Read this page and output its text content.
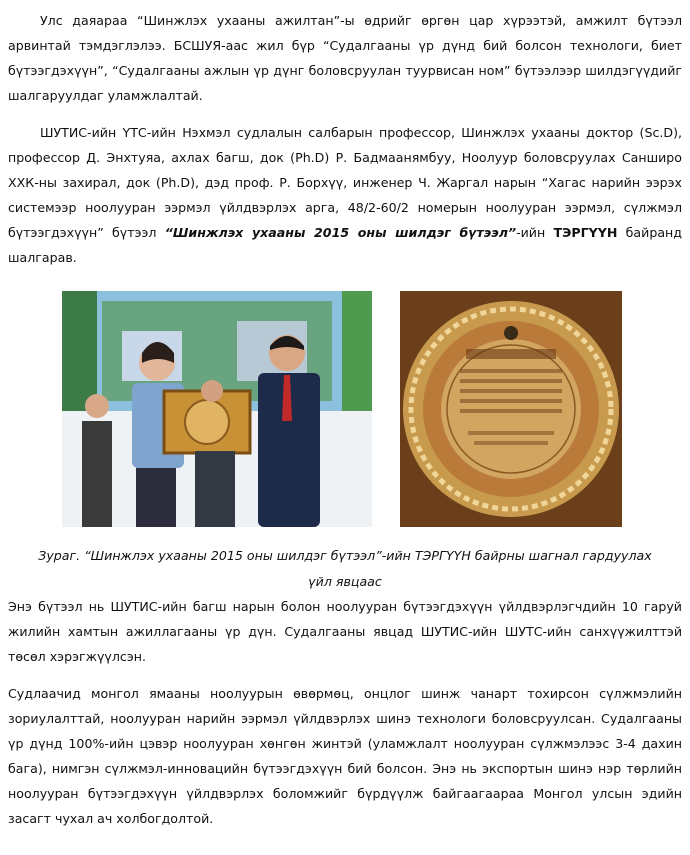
Улс даяараа “Шинжлэх ухааны ажилтан”-ы өдрийг өргөн цар хүрээтэй, амжилт бүтээл арвинтай тэмдэглэлээ. БСШУЯ-аас жил бүр “Судалгааны үр дүнд бий болсон технологи, биет бүтээгдэхүүн”, “Судалгааны ажлын үр дүнг боловсруулан туурвисан ном” бүтээлээр шилдэгүүдийг шалгаруулдаг уламжлалтай.

ШУТИС-ийн ҮТС-ийн Нэхмэл судлалын салбарын профессор, Шинжлэх ухааны доктор (Sc.D), профессор Д. Энхтуяа, ахлах багш, док (Ph.D) Р. Бадмаанямбуу, Ноолуур боловсруулах Санширо ХХК-ны захирал, док (Ph.D), дэд проф. Р. Борхүү, инженер Ч. Жаргал нарын “Хагас нарийн ээрэх системээр ноолууран ээрмэл үйлдвэрлэх арга, 48/2-60/2 номерын ноолууран ээрмэл, сүлжмэл бүтээгдэхүүн” бүтээл “Шинжлэх ухааны 2015 оны шилдэг бүтээл”-ийн ТЭРГҮҮН байранд шалгарав.

Зураг. “Шинжлэх ухааны 2015 оны шилдэг бүтээл”-ийн ТЭРГҮҮН байрны шагнал гардуулах үйл явцаас

Энэ бүтээл нь ШУТИС-ийн багш нарын болон ноолууран бүтээгдэхүүн үйлдвэрлэгчдийн 10 гаруй жилийн хамтын ажиллагааны үр дүн. Судалгааны явцад ШУТИС-ийн ШУТС-ийн санхүүжилттэй төсөл хэрэгжүүлсэн.

Судлаачид монгол ямааны ноолуурын өвөрмөц, онцлог шинж чанарт тохирсон сүлжмэлийн зориулалттай, ноолууран нарийн ээрмэл үйлдвэрлэх шинэ технологи боловсруулсан. Судалгааны үр дүнд 100%-ийн цэвэр ноолууран хөнгөн жинтэй (уламжлалт ноолууран сүлжмэлээс 3-4 дахин бага), нимгэн сүлжмэл-инновацийн бүтээгдэхүүн бий болсон. Энэ нь экспортын шинэ нэр төрлийн ноолууран бүтээгдэхүүн үйлдвэрлэх боломжийг бүрдүүлж байгаагаараа Монгол улсын эдийн засагт чухал ач холбогдолтой.
